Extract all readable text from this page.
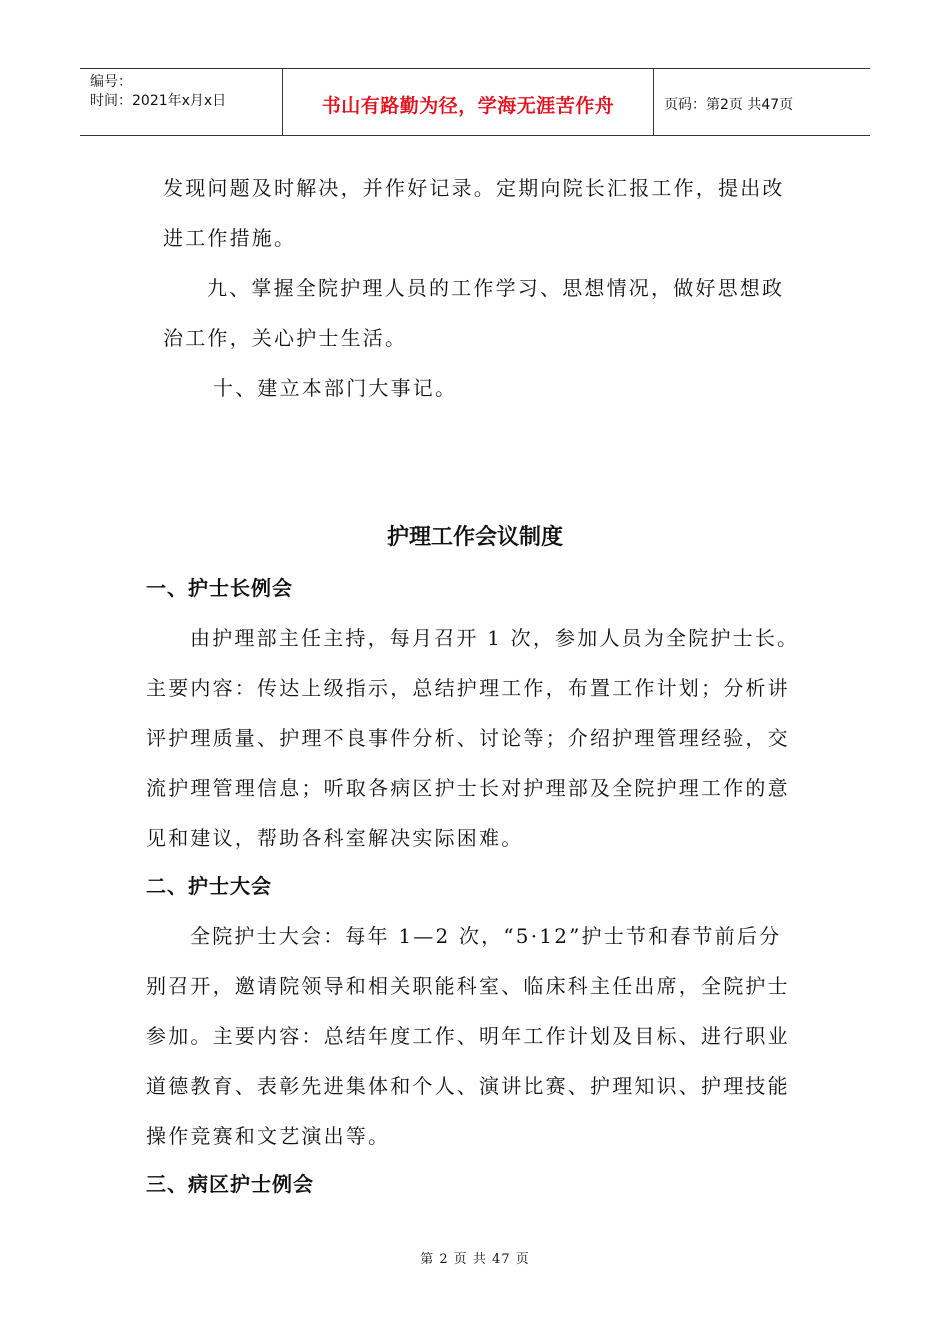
编号：
时间：2021年x月x日	书山有路勤为径，学海无涯苦作舟	页码：第2页 共47页
发现问题及时解决，并作好记录。定期向院长汇报工作，提出改
进工作措施。
九、掌握全院护理人员的工作学习、思想情况，做好思想政
治工作，关心护士生活。
十、建立本部门大事记。
护理工作会议制度
一、护士长例会
由护理部主任主持，每月召开 1 次，参加人员为全院护士长。
主要内容：传达上级指示，总结护理工作，布置工作计划；分析讲
评护理质量、护理不良事件分析、讨论等；介绍护理管理经验，交
流护理管理信息；听取各病区护士长对护理部及全院护理工作的意
见和建议，帮助各科室解决实际困难。
二、护士大会
全院护士大会：每年 1—2 次，“5·12”护士节和春节前后分
别召开，邀请院领导和相关职能科室、临床科主任出席，全院护士
参加。主要内容：总结年度工作、明年工作计划及目标、进行职业
道德教育、表彰先进集体和个人、演讲比赛、护理知识、护理技能
操作竞赛和文艺演出等。
三、病区护士例会
第 2 页 共 47 页
